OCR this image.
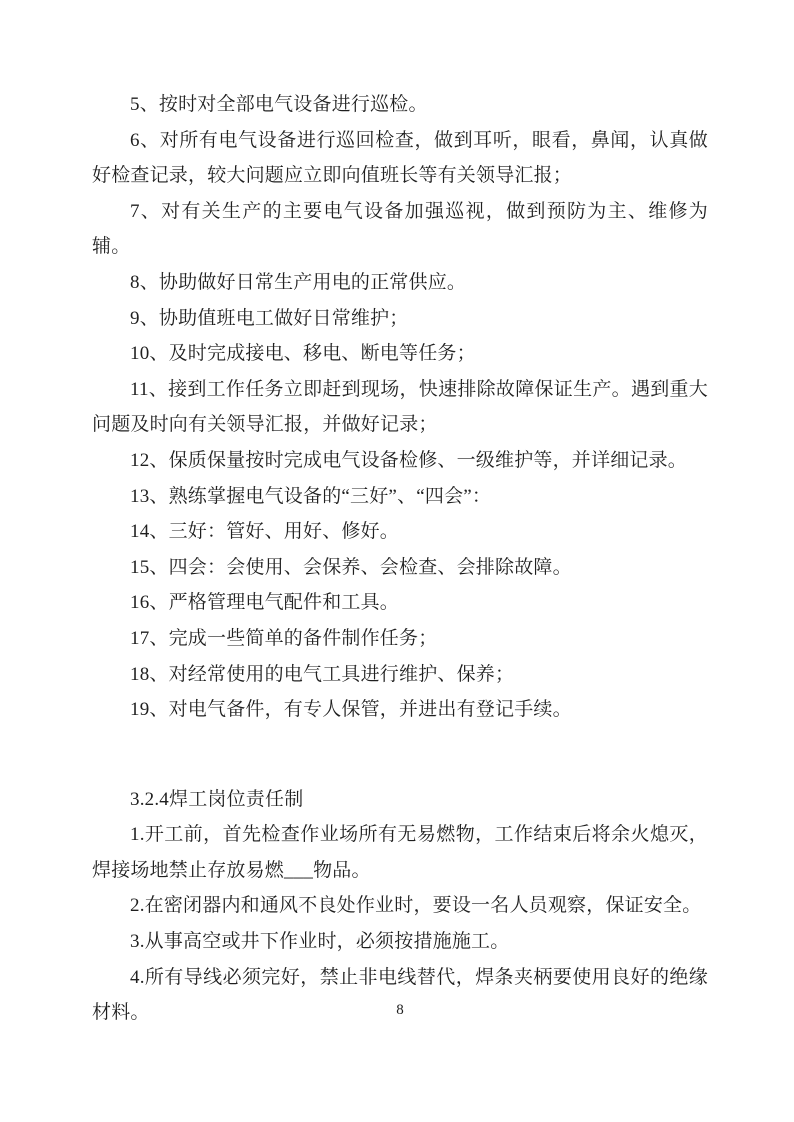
5、按时对全部电气设备进行巡检。

6、对所有电气设备进行巡回检查，做到耳听，眼看，鼻闻，认真做好检查记录，较大问题应立即向值班长等有关领导汇报；

7、对有关生产的主要电气设备加强巡视，做到预防为主、维修为辅。

8、协助做好日常生产用电的正常供应。

9、协助值班电工做好日常维护；

10、及时完成接电、移电、断电等任务；

11、接到工作任务立即赶到现场，快速排除故障保证生产。遇到重大问题及时向有关领导汇报，并做好记录；

12、保质保量按时完成电气设备检修、一级维护等，并详细记录。

13、熟练掌握电气设备的“三好”、“四会”：

14、三好：管好、用好、修好。

15、四会：会使用、会保养、会检查、会排除故障。

16、严格管理电气配件和工具。

17、完成一些简单的备件制作任务；

18、对经常使用的电气工具进行维护、保养；

19、对电气备件，有专人保管，并进出有登记手续。

3.2.4焊工岗位责任制

1.开工前，首先检查作业场所有无易燃物，工作结束后将余火熄灭，焊接场地禁止存放易燃___物品。

2.在密闭器内和通风不良处作业时，要设一名人员观察，保证安全。

3.从事高空或井下作业时，必须按措施施工。

4.所有导线必须完好，禁止非电线替代，焊条夹柄要使用良好的绝缘材料。	8
